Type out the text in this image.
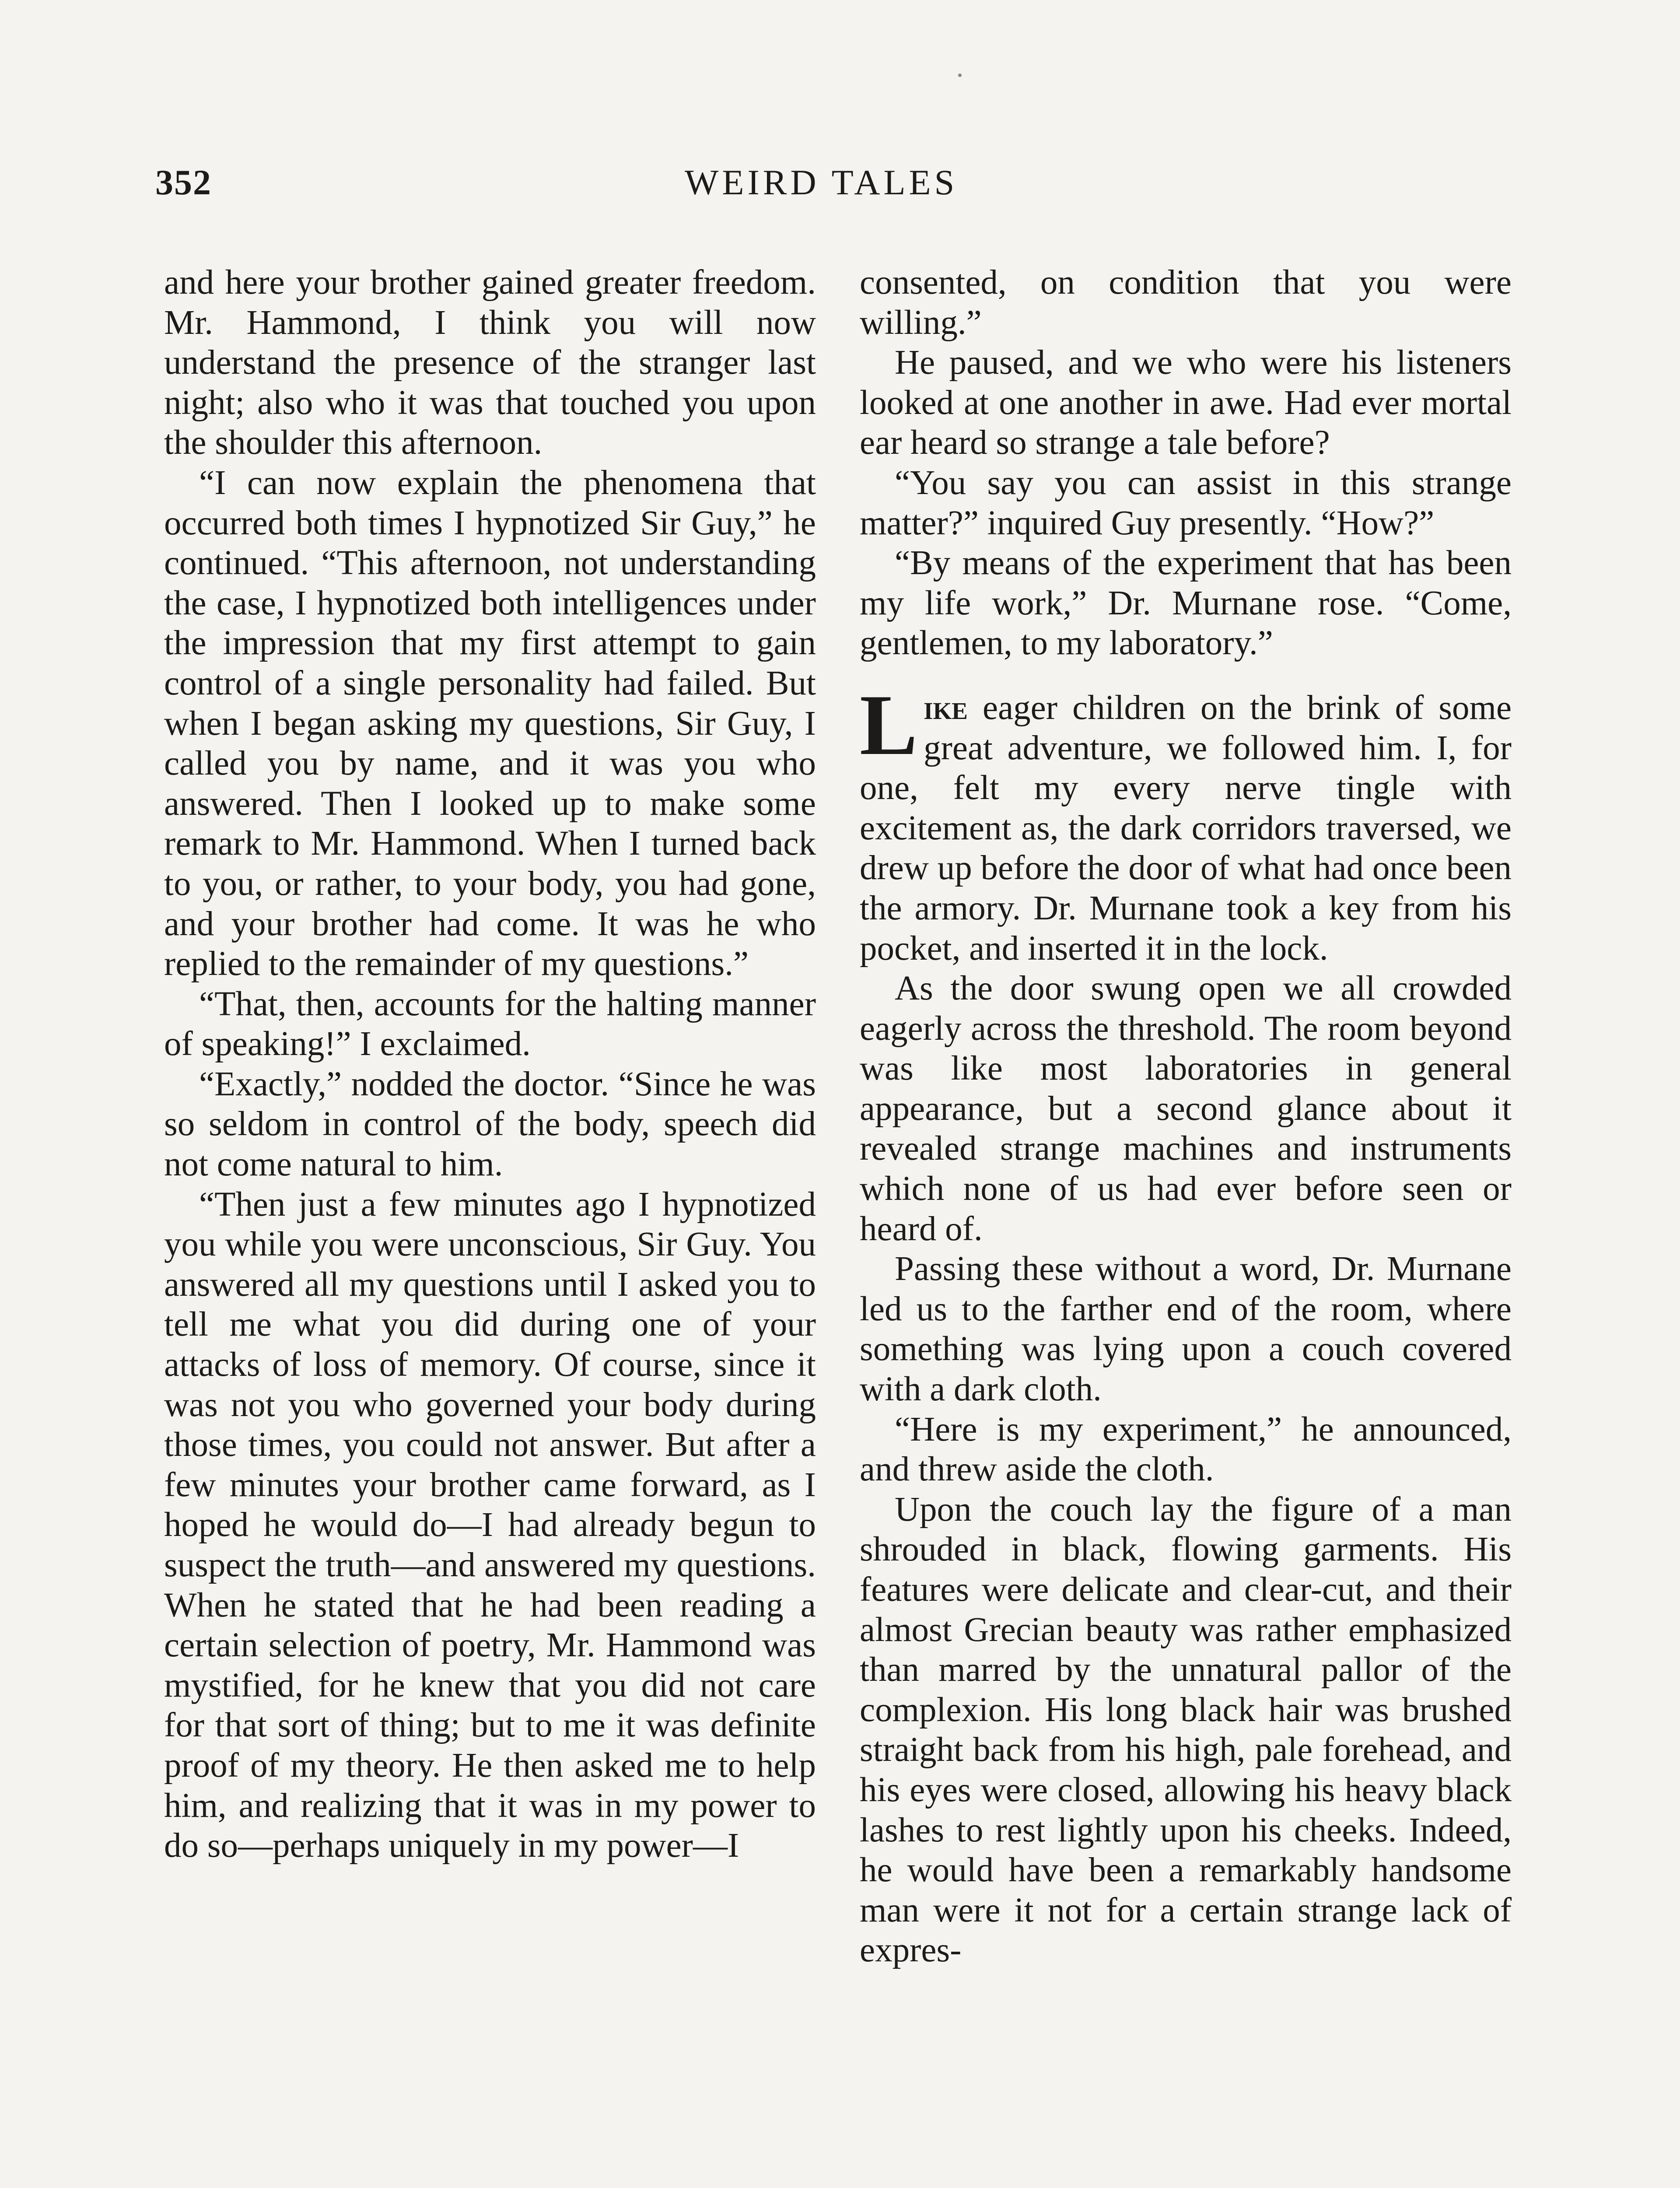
352	WEIRD TALES

and here your brother gained greater freedom. Mr. Hammond, I think you will now understand the presence of the stranger last night; also who it was that touched you upon the shoulder this afternoon.

“I can now explain the phenomena that occurred both times I hypnotized Sir Guy,” he continued. “This afternoon, not understanding the case, I hypnotized both intelligences under the impression that my first attempt to gain control of a single personality had failed. But when I began asking my questions, Sir Guy, I called you by name, and it was you who answered. Then I looked up to make some remark to Mr. Hammond. When I turned back to you, or rather, to your body, you had gone, and your brother had come. It was he who replied to the remainder of my questions.”

“That, then, accounts for the halting manner of speaking!” I exclaimed.

“Exactly,” nodded the doctor. “Since he was so seldom in control of the body, speech did not come natural to him.

“Then just a few minutes ago I hypnotized you while you were unconscious, Sir Guy. You answered all my questions until I asked you to tell me what you did during one of your attacks of loss of memory. Of course, since it was not you who governed your body during those times, you could not answer. But after a few minutes your brother came forward, as I hoped he would do—I had already begun to suspect the truth—and answered my questions. When he stated that he had been reading a certain selection of poetry, Mr. Hammond was mystified, for he knew that you did not care for that sort of thing; but to me it was definite proof of my theory. He then asked me to help him, and realizing that it was in my power to do so—perhaps uniquely in my power—I

consented, on condition that you were willing.”

He paused, and we who were his listeners looked at one another in awe. Had ever mortal ear heard so strange a tale before?

“You say you can assist in this strange matter?” inquired Guy presently. “How?”

“By means of the experiment that has been my life work,” Dr. Murnane rose. “Come, gentlemen, to my laboratory.”

Like eager children on the brink of some great adventure, we followed him. I, for one, felt my every nerve tingle with excitement as, the dark corridors traversed, we drew up before the door of what had once been the armory. Dr. Murnane took a key from his pocket, and inserted it in the lock.

As the door swung open we all crowded eagerly across the threshold. The room beyond was like most laboratories in general appearance, but a second glance about it revealed strange machines and instruments which none of us had ever before seen or heard of.

Passing these without a word, Dr. Murnane led us to the farther end of the room, where something was lying upon a couch covered with a dark cloth.

“Here is my experiment,” he announced, and threw aside the cloth.

Upon the couch lay the figure of a man shrouded in black, flowing garments. His features were delicate and clear-cut, and their almost Grecian beauty was rather emphasized than marred by the unnatural pallor of the complexion. His long black hair was brushed straight back from his high, pale forehead, and his eyes were closed, allowing his heavy black lashes to rest lightly upon his cheeks. Indeed, he would have been a remarkably handsome man were it not for a certain strange lack of expres-
